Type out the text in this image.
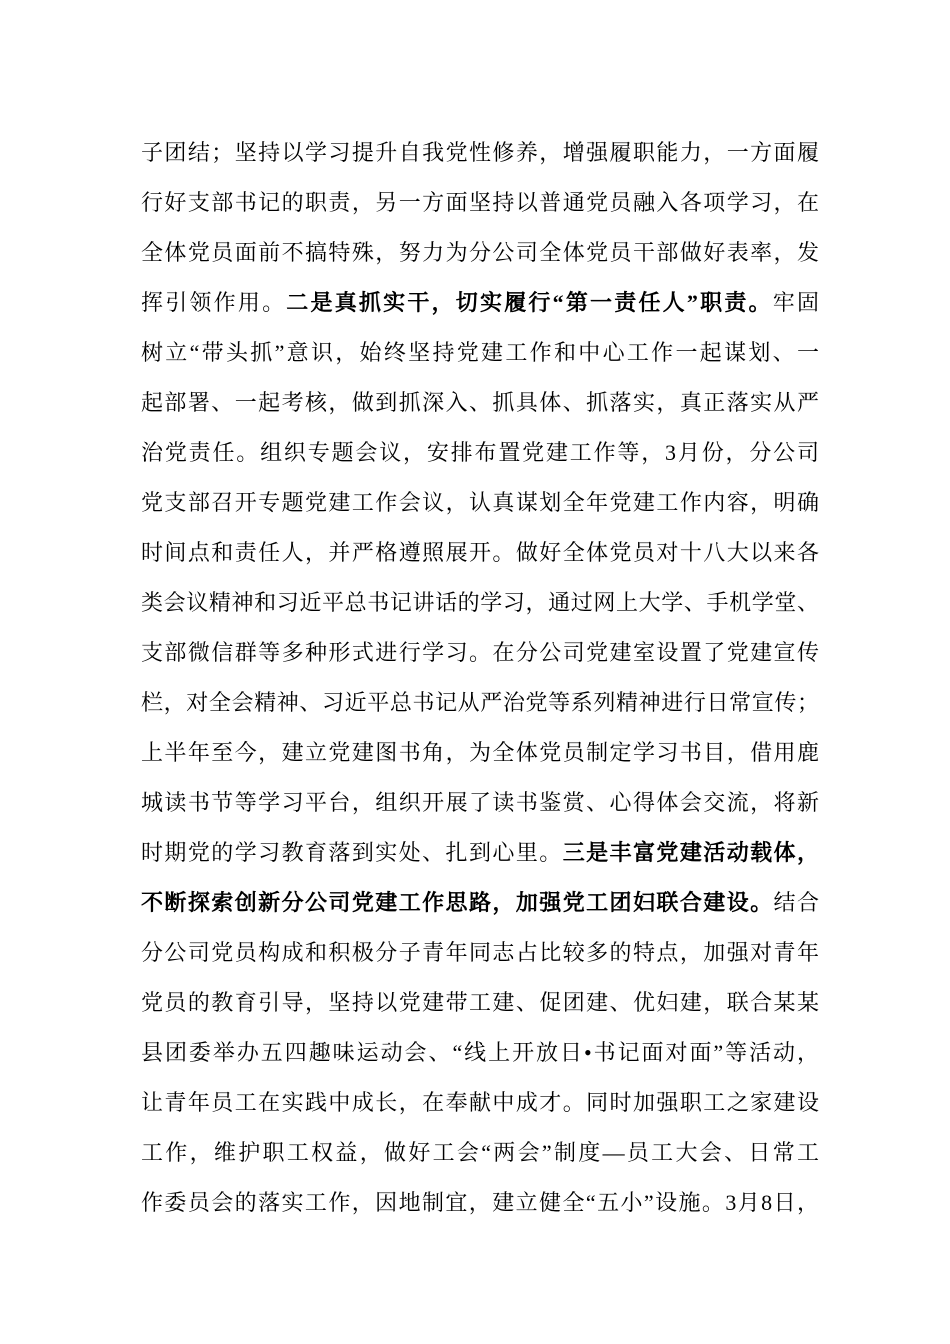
子团结；坚持以学习提升自我党性修养，增强履职能力，一方面履
行好支部书记的职责，另一方面坚持以普通党员融入各项学习，在
全体党员面前不搞特殊，努力为分公司全体党员干部做好表率，发
挥引领作用。二是真抓实干，切实履行“第一责任人”职责。牢固
树立“带头抓”意识，始终坚持党建工作和中心工作一起谋划、一
起部署、一起考核，做到抓深入、抓具体、抓落实，真正落实从严
治党责任。组织专题会议，安排布置党建工作等，3月份，分公司
党支部召开专题党建工作会议，认真谋划全年党建工作内容，明确
时间点和责任人，并严格遵照展开。做好全体党员对十八大以来各
类会议精神和习近平总书记讲话的学习，通过网上大学、手机学堂、
支部微信群等多种形式进行学习。在分公司党建室设置了党建宣传
栏，对全会精神、习近平总书记从严治党等系列精神进行日常宣传；
上半年至今，建立党建图书角，为全体党员制定学习书目，借用鹿
城读书节等学习平台，组织开展了读书鉴赏、心得体会交流，将新
时期党的学习教育落到实处、扎到心里。三是丰富党建活动载体，
不断探索创新分公司党建工作思路，加强党工团妇联合建设。结合
分公司党员构成和积极分子青年同志占比较多的特点，加强对青年
党员的教育引导，坚持以党建带工建、促团建、优妇建，联合某某
县团委举办五四趣味运动会、“线上开放日•书记面对面”等活动，
让青年员工在实践中成长，在奉献中成才。同时加强职工之家建设
工作，维护职工权益，做好工会“两会”制度—员工大会、日常工
作委员会的落实工作，因地制宜，建立健全“五小”设施。3月8日，
